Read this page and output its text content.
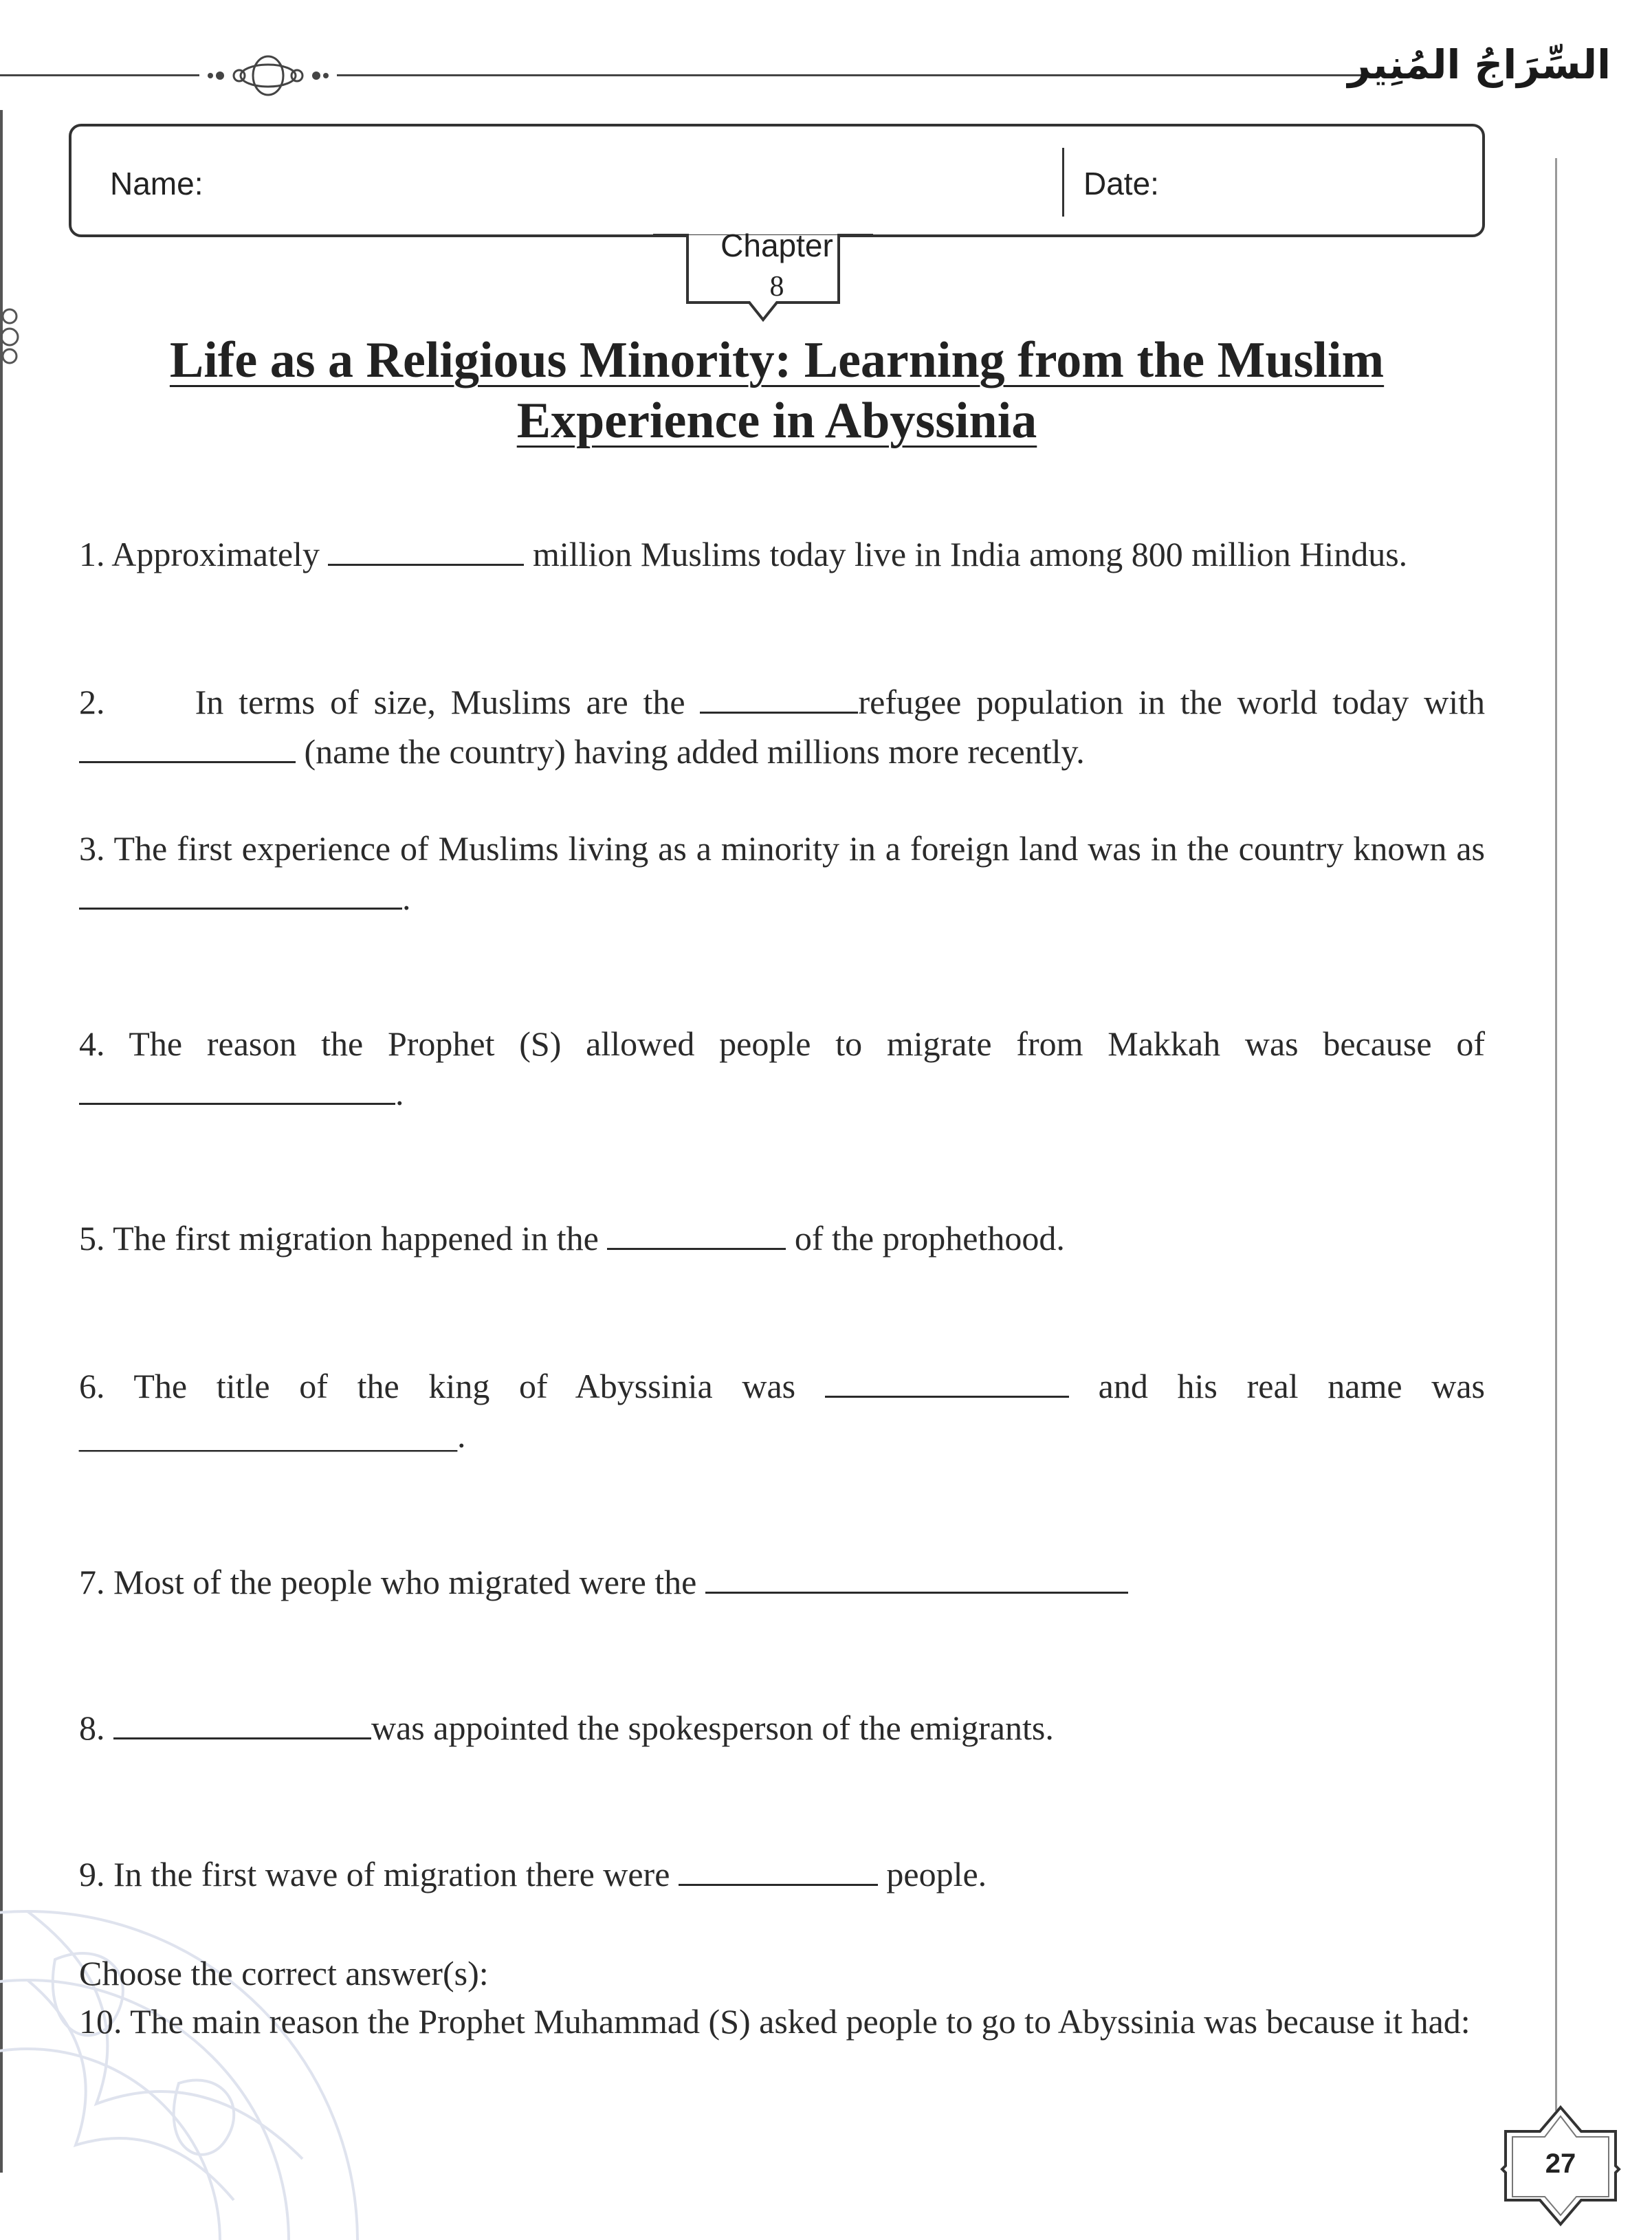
السِّرَاجُ المُنِير
Name:	Date:
Chapter
8
Life as a Religious Minority: Learning from the Muslim
Experience in Abyssinia
1. Approximately	million Muslims today live in India among 800 million Hindus.
2.      In terms of size, Muslims are the	refugee population in the world today with  (name the country) having added millions more recently.
3. The first experience of Muslims living as a minority in a foreign land was in the country known as .
4. The reason the Prophet (S) allowed people to migrate from Makkah was because of .
5. The first migration happened in the	of the prophethood.
6. The title of the king of Abyssinia was	and his real name was ______________________.
7. Most of the people who migrated were the
8.	was appointed the spokesperson of the emigrants.
9. In the first wave of migration there were	people.
Choose the correct answer(s):
10. The main reason the Prophet Muhammad (S) asked people to go to Abyssinia was because it had:
27
